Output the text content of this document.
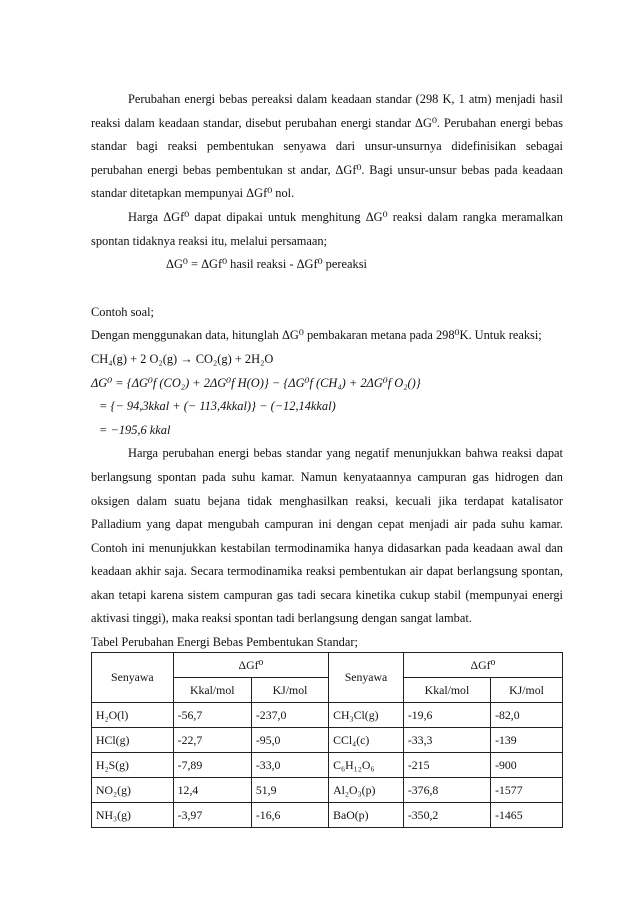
Perubahan energi bebas pereaksi dalam keadaan standar (298 K, 1 atm) menjadi hasil reaksi dalam keadaan standar, disebut perubahan energi standar ΔG⁰. Perubahan energi bebas standar bagi reaksi pembentukan senyawa dari unsur-unsurnya didefinisikan sebagai perubahan energi bebas pembentukan st andar, ΔGf⁰. Bagi unsur-unsur bebas pada keadaan standar ditetapkan mempunyai ΔGf⁰ nol.

Harga ΔGf⁰ dapat dipakai untuk menghitung ΔG⁰ reaksi dalam rangka meramalkan spontan tidaknya reaksi itu, melalui persamaan;

ΔG⁰ = ΔGf⁰ hasil reaksi - ΔGf⁰ pereaksi

Contoh soal;

Dengan menggunakan data, hitunglah ΔG⁰ pembakaran metana pada 298⁰K. Untuk reaksi;

CH₄(g) + 2 O₂(g) → CO₂(g) + 2H₂O

ΔG⁰ = {ΔG⁰f (CO₂) + 2ΔG⁰f H(O)} − {ΔG⁰f (CH₄) + 2ΔG⁰f O₂()}

= {− 94,3kkal + (− 113,4kkal)} − (−12,14kkal)

= −195,6 kkal

Harga perubahan energi bebas standar yang negatif menunjukkan bahwa reaksi dapat berlangsung spontan pada suhu kamar. Namun kenyataannya campuran gas hidrogen dan oksigen dalam suatu bejana tidak menghasilkan reaksi, kecuali jika terdapat katalisator Palladium yang dapat mengubah campuran ini dengan cepat menjadi air pada suhu kamar. Contoh ini menunjukkan kestabilan termodinamika hanya didasarkan pada keadaan awal dan keadaan akhir saja. Secara termodinamika reaksi pembentukan air dapat berlangsung spontan, akan tetapi karena sistem campuran gas tadi secara kinetika cukup stabil (mempunyai energi aktivasi tinggi), maka reaksi spontan tadi berlangsung dengan sangat lambat.

Tabel Perubahan Energi Bebas Pembentukan Standar;

Senyawa	ΔGf⁰		Senyawa	ΔGf⁰	
	Kkal/mol	KJ/mol		Kkal/mol	KJ/mol
H₂O(l)	-56,7	-237,0	CH₃Cl(g)	-19,6	-82,0
HCl(g)	-22,7	-95,0	CCl₄(c)	-33,3	-139
H₂S(g)	-7,89	-33,0	C₆H₁₂O₆	-215	-900
NO₂(g)	12,4	51,9	Al₂O₃(p)	-376,8	-1577
NH₃(g)	-3,97	-16,6	BaO(p)	-350,2	-1465
